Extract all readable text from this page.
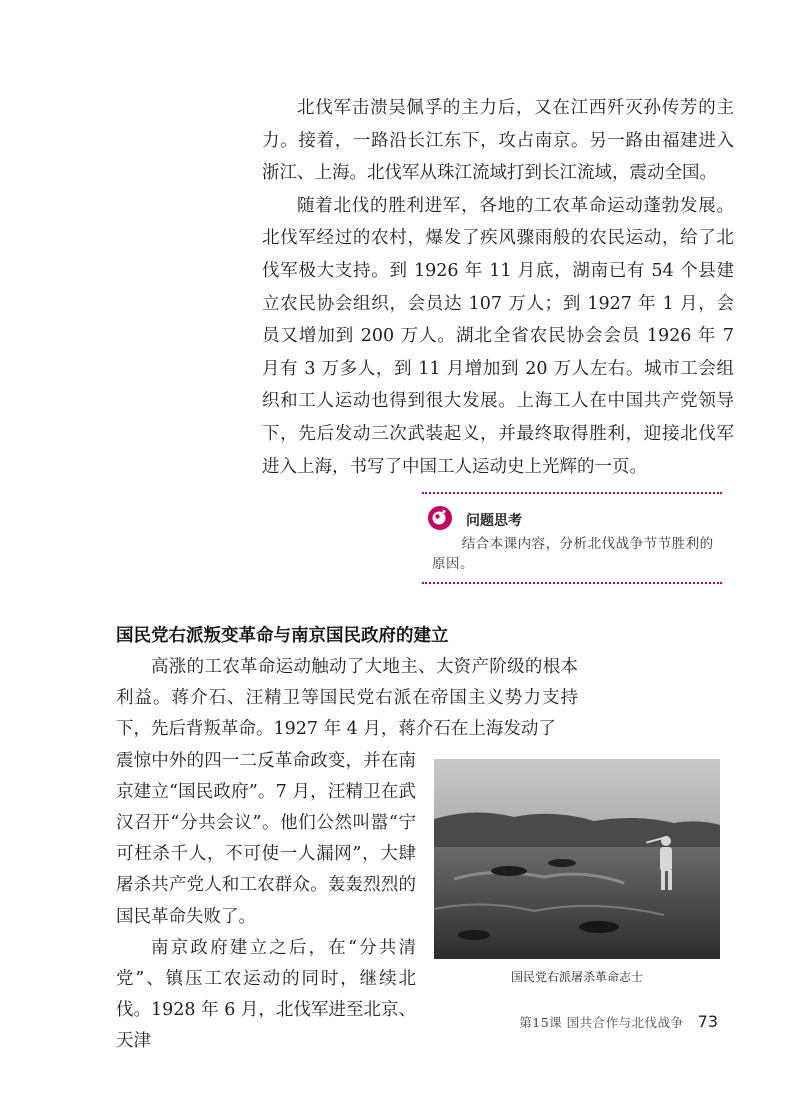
北伐军击溃吴佩孚的主力后，又在江西歼灭孙传芳的主力。接着，一路沿长江东下，攻占南京。另一路由福建进入浙江、上海。北伐军从珠江流域打到长江流域，震动全国。

随着北伐的胜利进军，各地的工农革命运动蓬勃发展。北伐军经过的农村，爆发了疾风骤雨般的农民运动，给了北伐军极大支持。到 1926 年 11 月底，湖南已有 54 个县建立农民协会组织，会员达 107 万人；到 1927 年 1 月，会员又增加到 200 万人。湖北全省农民协会会员 1926 年 7 月有 3 万多人，到 11 月增加到 20 万人左右。城市工会组织和工人运动也得到很大发展。上海工人在中国共产党领导下，先后发动三次武装起义，并最终取得胜利，迎接北伐军进入上海，书写了中国工人运动史上光辉的一页。

问题思考

结合本课内容，分析北伐战争节节胜利的原因。

国民党右派叛变革命与南京国民政府的建立

高涨的工农革命运动触动了大地主、大资产阶级的根本利益。蒋介石、汪精卫等国民党右派在帝国主义势力支持下，先后背叛革命。1927 年 4 月，蒋介石在上海发动了

震惊中外的四一二反革命政变，并在南京建立“国民政府”。7 月，汪精卫在武汉召开“分共会议”。他们公然叫嚣“宁可枉杀千人，不可使一人漏网”，大肆屠杀共产党人和工农群众。轰轰烈烈的国民革命失败了。

南京政府建立之后，在“分共清党”、镇压工农运动的同时，继续北伐。1928 年 6 月，北伐军进至北京、天津

国民党右派屠杀革命志士
第15课 国共合作与北伐战争 73
